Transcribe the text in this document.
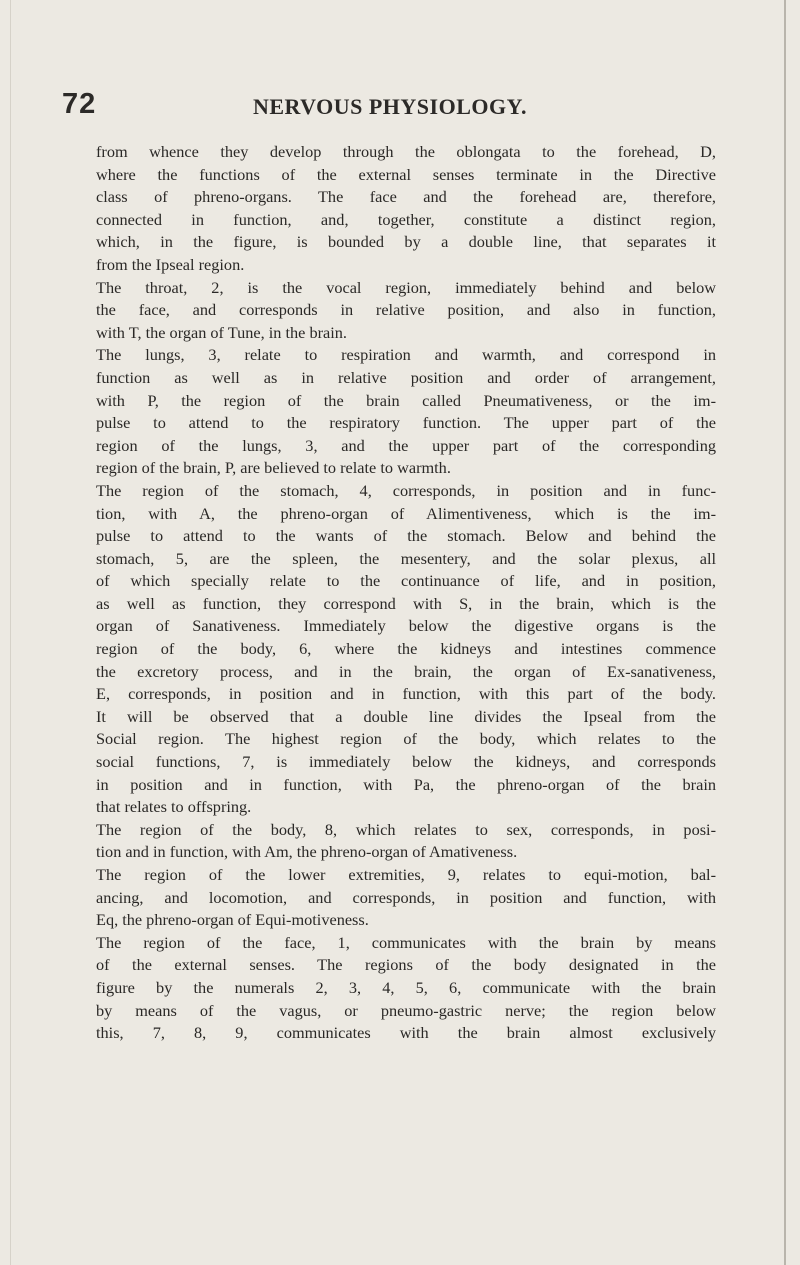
72	NERVOUS PHYSIOLOGY.
from whence they develop through the oblongata to the forehead, D,
where the functions of the external senses terminate in the Directive
class of phreno-organs. The face and the forehead are, therefore,
connected in function, and, together, constitute a distinct region,
which, in the figure, is bounded by a double line, that separates it
from the Ipseal region.
The throat, 2, is the vocal region, immediately behind and below
the face, and corresponds in relative position, and also in function,
with T, the organ of Tune, in the brain.
The lungs, 3, relate to respiration and warmth, and correspond in
function as well as in relative position and order of arrangement,
with P, the region of the brain called Pneumativeness, or the im-
pulse to attend to the respiratory function. The upper part of the
region of the lungs, 3, and the upper part of the corresponding
region of the brain, P, are believed to relate to warmth.
The region of the stomach, 4, corresponds, in position and in func-
tion, with A, the phreno-organ of Alimentiveness, which is the im-
pulse to attend to the wants of the stomach. Below and behind the
stomach, 5, are the spleen, the mesentery, and the solar plexus, all
of which specially relate to the continuance of life, and in position,
as well as function, they correspond with S, in the brain, which is the
organ of Sanativeness. Immediately below the digestive organs is the
region of the body, 6, where the kidneys and intestines commence
the excretory process, and in the brain, the organ of Ex-sanativeness,
E, corresponds, in position and in function, with this part of the body.
It will be observed that a double line divides the Ipseal from the
Social region. The highest region of the body, which relates to the
social functions, 7, is immediately below the kidneys, and corresponds
in position and in function, with Pa, the phreno-organ of the brain
that relates to offspring.
The region of the body, 8, which relates to sex, corresponds, in posi-
tion and in function, with Am, the phreno-organ of Amativeness.
The region of the lower extremities, 9, relates to equi-motion, bal-
ancing, and locomotion, and corresponds, in position and function, with
Eq, the phreno-organ of Equi-motiveness.
The region of the face, 1, communicates with the brain by means
of the external senses. The regions of the body designated in the
figure by the numerals 2, 3, 4, 5, 6, communicate with the brain
by means of the vagus, or pneumo-gastric nerve; the region below
this, 7, 8, 9, communicates with the brain almost exclusively
